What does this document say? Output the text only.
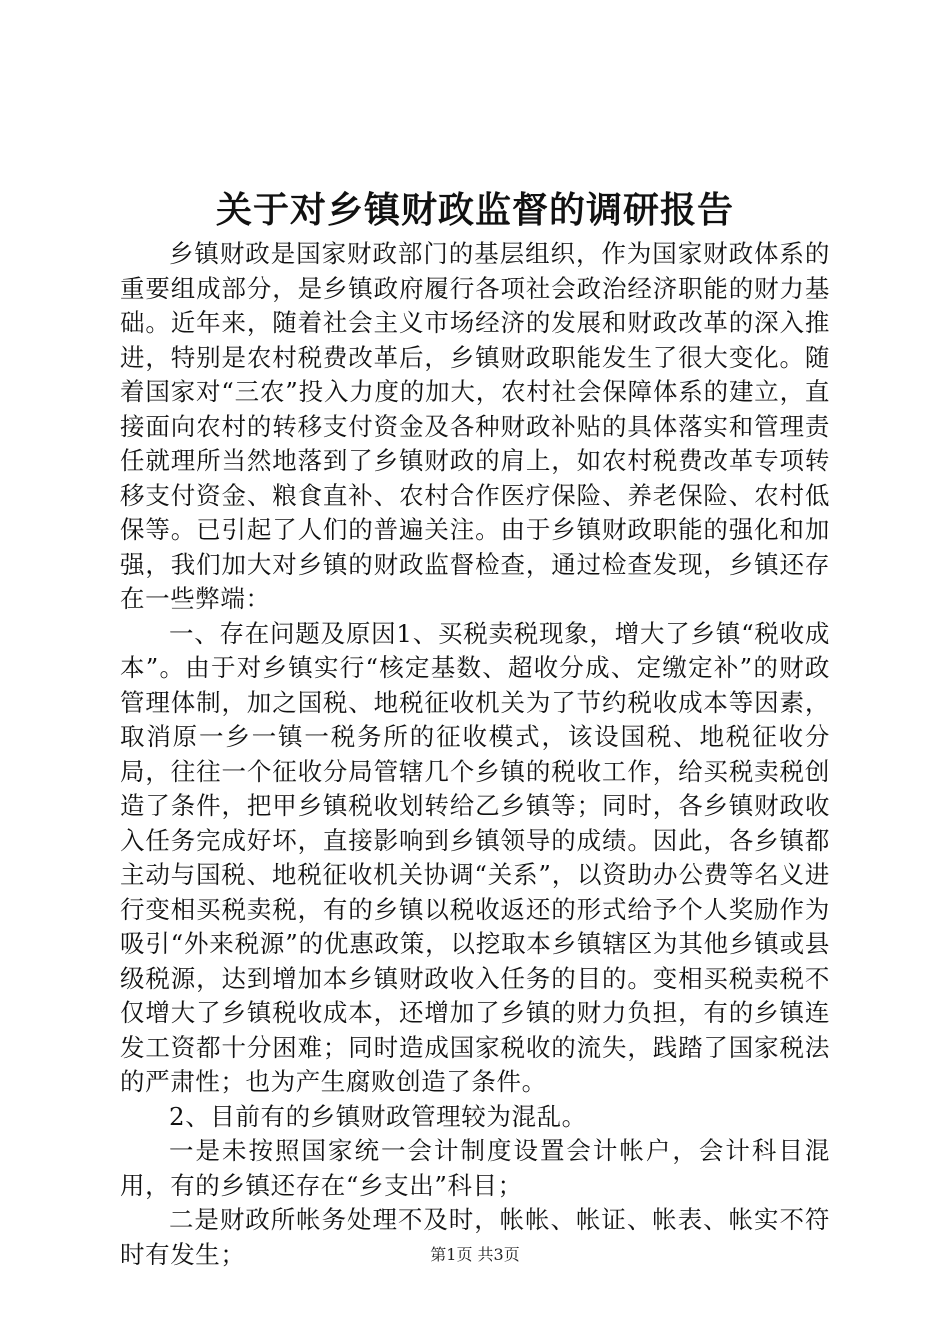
关于对乡镇财政监督的调研报告

乡镇财政是国家财政部门的基层组织，作为国家财政体系的重要组成部分，是乡镇政府履行各项社会政治经济职能的财力基础。近年来，随着社会主义市场经济的发展和财政改革的深入推进，特别是农村税费改革后，乡镇财政职能发生了很大变化。随着国家对“三农”投入力度的加大，农村社会保障体系的建立，直接面向农村的转移支付资金及各种财政补贴的具体落实和管理责任就理所当然地落到了乡镇财政的肩上，如农村税费改革专项转移支付资金、粮食直补、农村合作医疗保险、养老保险、农村低保等。已引起了人们的普遍关注。由于乡镇财政职能的强化和加强，我们加大对乡镇的财政监督检查，通过检查发现，乡镇还存在一些弊端：

一、存在问题及原因1、买税卖税现象，增大了乡镇“税收成本”。由于对乡镇实行“核定基数、超收分成、定缴定补”的财政管理体制，加之国税、地税征收机关为了节约税收成本等因素，取消原一乡一镇一税务所的征收模式，该设国税、地税征收分局，往往一个征收分局管辖几个乡镇的税收工作，给买税卖税创造了条件，把甲乡镇税收划转给乙乡镇等；同时，各乡镇财政收入任务完成好坏，直接影响到乡镇领导的成绩。因此，各乡镇都主动与国税、地税征收机关协调“关系”，以资助办公费等名义进行变相买税卖税，有的乡镇以税收返还的形式给予个人奖励作为吸引“外来税源”的优惠政策，以挖取本乡镇辖区为其他乡镇或县级税源，达到增加本乡镇财政收入任务的目的。变相买税卖税不仅增大了乡镇税收成本，还增加了乡镇的财力负担，有的乡镇连发工资都十分困难；同时造成国家税收的流失，践踏了国家税法的严肃性；也为产生腐败创造了条件。

2、目前有的乡镇财政管理较为混乱。

一是未按照国家统一会计制度设置会计帐户，会计科目混用，有的乡镇还存在“乡支出”科目；

二是财政所帐务处理不及时，帐帐、帐证、帐表、帐实不符时有发生；	第1页 共3页
